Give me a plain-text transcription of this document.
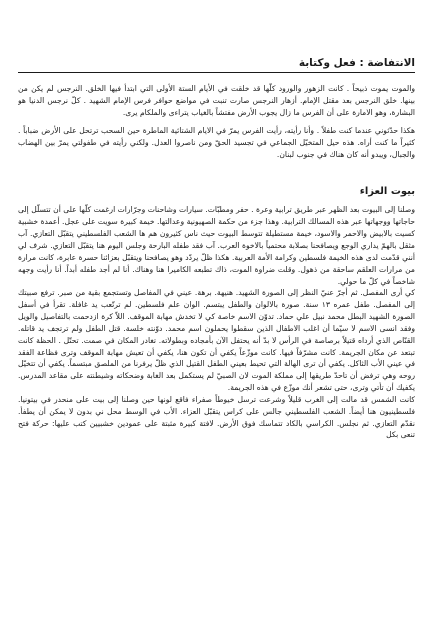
الانتفاضة : فعل وكتابة

والموت يموت ذبيحاً . كانت الزهور والورود كلّها قد خلقت في الأيام الستة الأولى التي ابتدأ فيها الخلق. النرجس لم يكن من بينها. خلق النرجس بعد مقتل الإمام. أزهار النرجس صارت تنبت في مواضع حوافر فرس الإمام الشهيد . كلّ نرجس الدنيا هو البشارة، وهو الامارة على أن الفرس ما زال يجوب الأرض مفتشاً بالغياب يتراءى والملكام يرى.

هكذا حدّثوني عندما كنت طفلاً . وأنا رأيته، رأيت الفرس يمرّ في الايام الشتائية الماطرة حين السحب ترتحل على الأرض ضباباً . كثيراً ما كنت أراه. هذه حيل المتخيّل الجماعي في تجسيد الحقّ ومن ناصروا العدل. ولكني رأيته في طفولتي يمرّ بين الهضاب والجبال، ويبدو أنه كان هناك في جنوب لبنان.

بيوت العزاء

وصلنا إلى البيوت بعد الظهر عبر طريق ترابية وعرة . حفر ومطبّات. سيارات وشاحنات وجرّارات ارغمت كلّها على أن تتسلّل إلى حاجاتها ووجهاتها عبر هذه المسالك الترابية. وهذا جزء من حكمة الصهيونية وعدالتها. خيمة كبيرة سويت على عجل. أعمدة خشبية كسيت بالابيض والاحمر والاسود، خيمة مستطيلة تتوسط البيوت حيث ناس كثيرون هم ها الشعب الفلسطيني يتقبّل التعازي. آب مثقل بالهمّ يداري الوجع ويصافحنا بصلابة محتمياً بالاخوة العرب. آب فقد طفله البارحة وجلس اليوم هنا يتقبّل التعازي. شرف لي أنني قدّمت لدى هذه الخيمة فلسطين وكرامة الأمة العربية. هكذا ظلّ يردّد وهو يصافحنا ويتقبّل بعزائنا حسرة عابرة، كانت مرارة من مرارات العلقم ساحقة من ذهول. وقلت ضراوة الموت، ذاك تطبعه الكاميرا هنا وهناك. أنا لم أجد طفله أبداً. أنا رأيت وجهه شاخصاً في كلّ ما حولي.

كي أرى المفصل. ثم أجرّ عنيّ النظر إلى الصورة الشهيد. هنيهة. برهة. عيني في المفاصل وتستجمع بقية من صبر. ترفع صبيتك إلى المفصل. طفل عمره ١٣ سنة. صورة بالالوان والطفل يبتسم. الوان علم فلسطين. لم ترتّعب يد غافلة. تقرأ في أسفل الصورة الشهيد البطل محمد نبيل علي حماد. تدوّن الاسم خاصة كي لا تخدش مهابة الموقف. اللاّ كرة ازدحمت بالتفاصيل والويل وفقد انسى الاسم لا سيّما أن اغلب الاطفال الذين سقطوا يحملون اسم محمد. دوّنته خلسة. قتل الطفل ولم ترتجف يد قاتله. القنّاص الذي أرداه قتيلاً برصاصة في الرأس لا بدّ أنه يحتفل الآن بأمجاده وبطولاته. تغادر المكان في صمت. تحتّل . الحظة كانت تبتعد عن مكان الجريمة. كانت مشرّفاً فيها. كانت موزّعاً يكفي أن تكون هنا، يكفي أن تعيش مهابة الموقف وترى فظاعة الفقد في عيني الأب الثاكل. يكفي أن ترى الهالة التي تحيط بعيني الطفل القتيل الذي ظلّ يرفرنا من الملصق مبتسماً. يكفي أن تتخيّل روحه وهي ترفض أن تاحدّ طريقها إلى مملكة الموت لان الصبيّ لم يستكمل بعد الغابة وضحكاته وشيطنته على مقاعد المدرس. يكفيك أن تأتي وترى، حتى تشعر أنك موزّع في هذه الجريمة.

كانت الشمس قد مالت إلى الغرب قليلاً وشرعت ترسل خيوطاً صفراء فاقع لونها حين وصلنا إلى بيت على منحدر في بيتونيا. فلسطينيون هنا أيضاً. الشعب الفلسطيني جالس على كراس يتقبّل العزاء. الأب في الوسط محل ني بدون لا يمكن أن يطفأ. نقدّم التعازي. ثم نجلس. الكراسي بالكاد تتماسك فوق الأرض. لافتة كبيرة مثبتة على عمودين خشبيين كتب عليها: حركة فتح تنعى بكل
